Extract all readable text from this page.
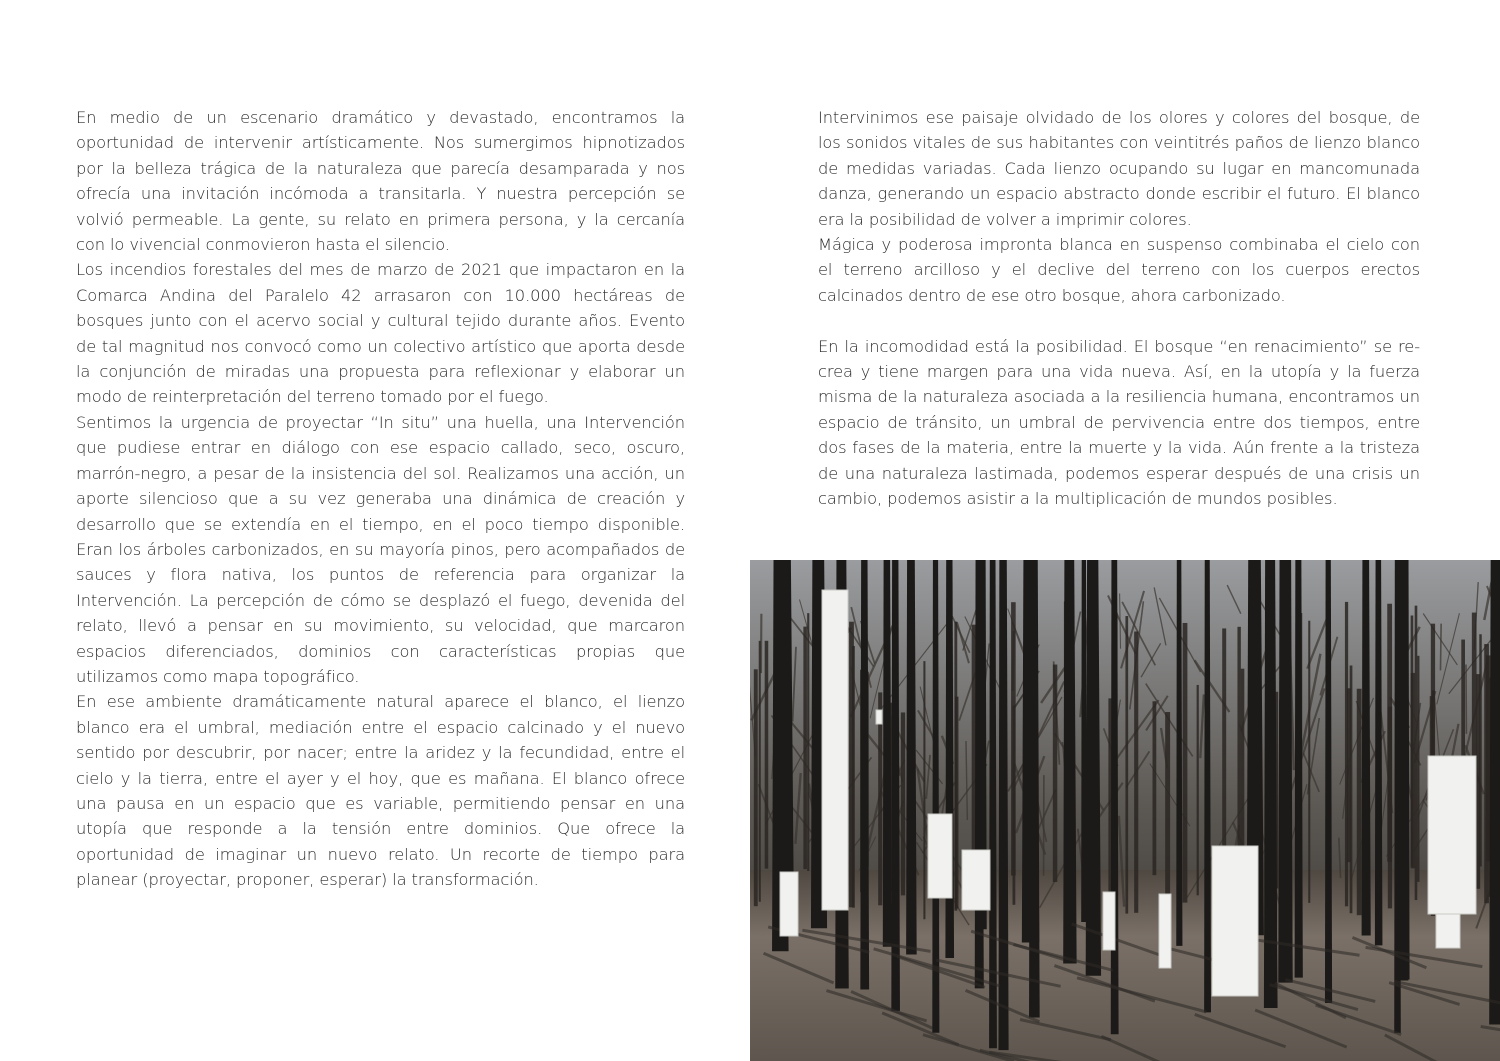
En medio de un escenario dramático y devastado, encontramos la oportunidad de intervenir artísticamente. Nos sumergimos hipnotizados por la belleza trágica de la naturaleza que parecía desamparada y nos ofrecía una invitación incómoda a transitarla. Y nuestra percepción se volvió permeable. La gente, su relato en primera persona, y la cercanía con lo vivencial conmovieron hasta el silencio.

Los incendios forestales del mes de marzo de 2021 que impactaron en la Comarca Andina del Paralelo 42 arrasaron con 10.000 hectáreas de bosques junto con el acervo social y cultural tejido durante años. Evento de tal magnitud nos convocó como un colectivo artístico que aporta desde la conjunción de miradas una propuesta para reflexionar y elaborar un modo de reinterpretación del terreno tomado por el fuego.

Sentimos la urgencia de proyectar “In situ” una huella, una Intervención que pudiese entrar en diálogo con ese espacio callado, seco, oscuro, marrón-negro, a pesar de la insistencia del sol. Realizamos una acción, un aporte silencioso que a su vez generaba una dinámica de creación y desarrollo que se extendía en el tiempo, en el poco tiempo disponible. Eran los árboles carbonizados, en su mayoría pinos, pero acompañados de sauces y flora nativa, los puntos de referencia para organizar la Intervención. La percepción de cómo se desplazó el fuego, devenida del relato, llevó a pensar en su movimiento, su velocidad, que marcaron espacios diferenciados, dominios con características propias que utilizamos como mapa topográfico.

En ese ambiente dramáticamente natural aparece el blanco, el lienzo blanco era el umbral, mediación entre el espacio calcinado y el nuevo sentido por descubrir, por nacer; entre la aridez y la fecundidad, entre el cielo y la tierra, entre el ayer y el hoy, que es mañana. El blanco ofrece una pausa en un espacio que es variable, permitiendo pensar en una utopía que responde a la tensión entre dominios. Que ofrece la oportunidad de imaginar un nuevo relato. Un recorte de tiempo para planear (proyectar, proponer, esperar) la transformación.

Intervinimos ese paisaje olvidado de los olores y colores del bosque, de los sonidos vitales de sus habitantes con veintitrés paños de lienzo blanco de medidas variadas. Cada lienzo ocupando su lugar en mancomunada danza, generando un espacio abstracto donde escribir el futuro. El blanco era la posibilidad de volver a imprimir colores.

Mágica y poderosa impronta blanca en suspenso combinaba el cielo con el terreno arcilloso y el declive del terreno con los cuerpos erectos calcinados dentro de ese otro bosque, ahora carbonizado.

En la incomodidad está la posibilidad. El bosque “en renacimiento” se re-crea y tiene margen para una vida nueva. Así, en la utopía y la fuerza misma de la naturaleza asociada a la resiliencia humana, encontramos un espacio de tránsito, un umbral de pervivencia entre dos tiempos, entre dos fases de la materia, entre la muerte y la vida. Aún frente a la tristeza de una naturaleza lastimada, podemos esperar después de una crisis un cambio, podemos asistir a la multiplicación de mundos posibles.
